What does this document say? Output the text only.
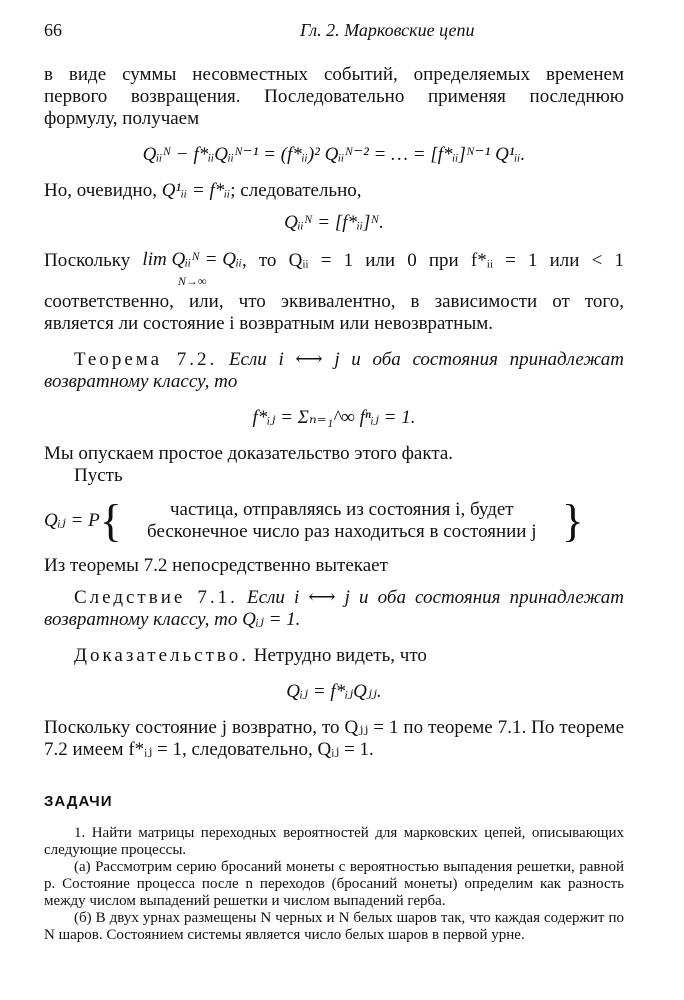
66	Гл. 2. Марковские цепи

в виде суммы несовместных событий, определяемых временем первого возвращения. Последовательно применяя последнюю формулу, получаем

Qᵢᵢᴺ − f*ᵢᵢQᵢᵢᴺ⁻¹ = (f*ᵢᵢ)² Qᵢᵢᴺ⁻² = … = [f*ᵢᵢ]ᴺ⁻¹ Q¹ᵢᵢ.

Но, очевидно, Q¹ᵢᵢ = f*ᵢᵢ; следовательно,

Qᵢᵢᴺ = [f*ᵢᵢ]ᴺ.

Поскольку lim Qᵢᵢᴺ = Qᵢᵢ
N→∞, то Qᵢᵢ = 1 или 0 при f*ᵢᵢ = 1 или < 1 соответственно, или, что эквивалентно, в зависимости от того, является ли состояние i возвратным или невозвратным.

Теорема 7.2. Если i ⟷ j и оба состояния принадлежат возвратному классу, то

f*ᵢⱼ = Σₙ₌₁^∞ fⁿᵢⱼ = 1.

Мы опускаем простое доказательство этого факта.

Пусть

Qᵢⱼ = P {	частица, отправляясь из состояния i, будет
бесконечное число раз находиться в состоянии j }

Из теоремы 7.2 непосредственно вытекает

Следствие 7.1. Если i ⟷ j и оба состояния принадлежат возвратному классу, то Qᵢⱼ = 1.

Доказательство. Нетрудно видеть, что

Qᵢⱼ = f*ᵢⱼQⱼⱼ.

Поскольку состояние j возвратно, то Qⱼⱼ = 1 по теореме 7.1. По теореме 7.2 имеем f*ᵢⱼ = 1, следовательно, Qᵢⱼ = 1.

ЗАДАЧИ

1. Найти матрицы переходных вероятностей для марковских цепей, описывающих следующие процессы.

(а) Рассмотрим серию бросаний монеты с вероятностью выпадения решетки, равной p. Состояние процесса после n переходов (бросаний монеты) определим как разность между числом выпадений решетки и числом выпадений герба.

(б) В двух урнах размещены N черных и N белых шаров так, что каждая содержит по N шаров. Состоянием системы является число белых шаров в первой урне.
